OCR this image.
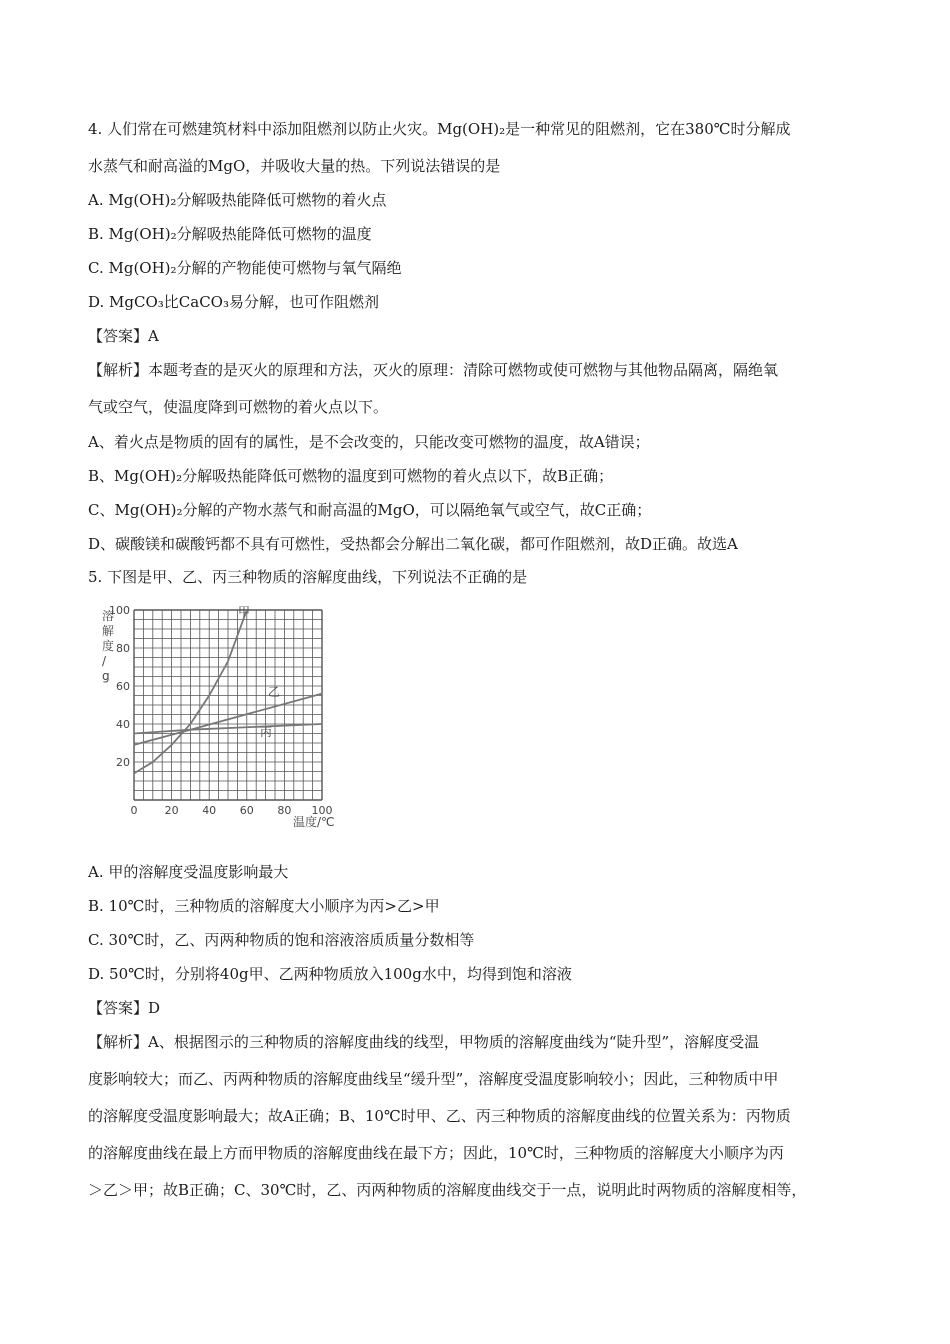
4. 人们常在可燃建筑材料中添加阻燃剂以防止火灾。Mg(OH)₂是一种常见的阻燃剂，它在380℃时分解成
水蒸气和耐高溢的MgO，并吸收大量的热。下列说法错误的是
A. Mg(OH)₂分解吸热能降低可燃物的着火点
B. Mg(OH)₂分解吸热能降低可燃物的温度
C. Mg(OH)₂分解的产物能使可燃物与氧气隔绝
D. MgCO₃比CaCO₃易分解，也可作阻燃剂
【答案】A
【解析】本题考查的是灭火的原理和方法，灭火的原理：清除可燃物或使可燃物与其他物品隔离，隔绝氧
气或空气，使温度降到可燃物的着火点以下。
A、着火点是物质的固有的属性，是不会改变的，只能改变可燃物的温度，故A错误；
B、Mg(OH)₂分解吸热能降低可燃物的温度到可燃物的着火点以下，故B正确；
C、Mg(OH)₂分解的产物水蒸气和耐高温的MgO，可以隔绝氧气或空气，故C正确；
D、碳酸镁和碳酸钙都不具有可燃性，受热都会分解出二氧化碳，都可作阻燃剂，故D正确。故选A
5. 下图是甲、乙、丙三种物质的溶解度曲线，下列说法不正确的是
甲
乙
丙
0 20 40 60 80 100
20
40
60
80
100
溶解度/ g
温度/℃
A. 甲的溶解度受温度影响最大
B. 10℃时，三种物质的溶解度大小顺序为丙>乙>甲
C. 30℃时，乙、丙两种物质的饱和溶液溶质质量分数相等
D. 50℃时，分别将40g甲、乙两种物质放入100g水中，均得到饱和溶液
【答案】D
【解析】A、根据图示的三种物质的溶解度曲线的线型，甲物质的溶解度曲线为“陡升型”，溶解度受温
度影响较大；而乙、丙两种物质的溶解度曲线呈“缓升型”，溶解度受温度影响较小；因此，三种物质中甲
的溶解度受温度影响最大；故A正确；B、10℃时甲、乙、丙三种物质的溶解度曲线的位置关系为：丙物质
的溶解度曲线在最上方而甲物质的溶解度曲线在最下方；因此，10℃时，三种物质的溶解度大小顺序为丙
＞乙＞甲；故B正确；C、30℃时，乙、丙两种物质的溶解度曲线交于一点，说明此时两物质的溶解度相等，
